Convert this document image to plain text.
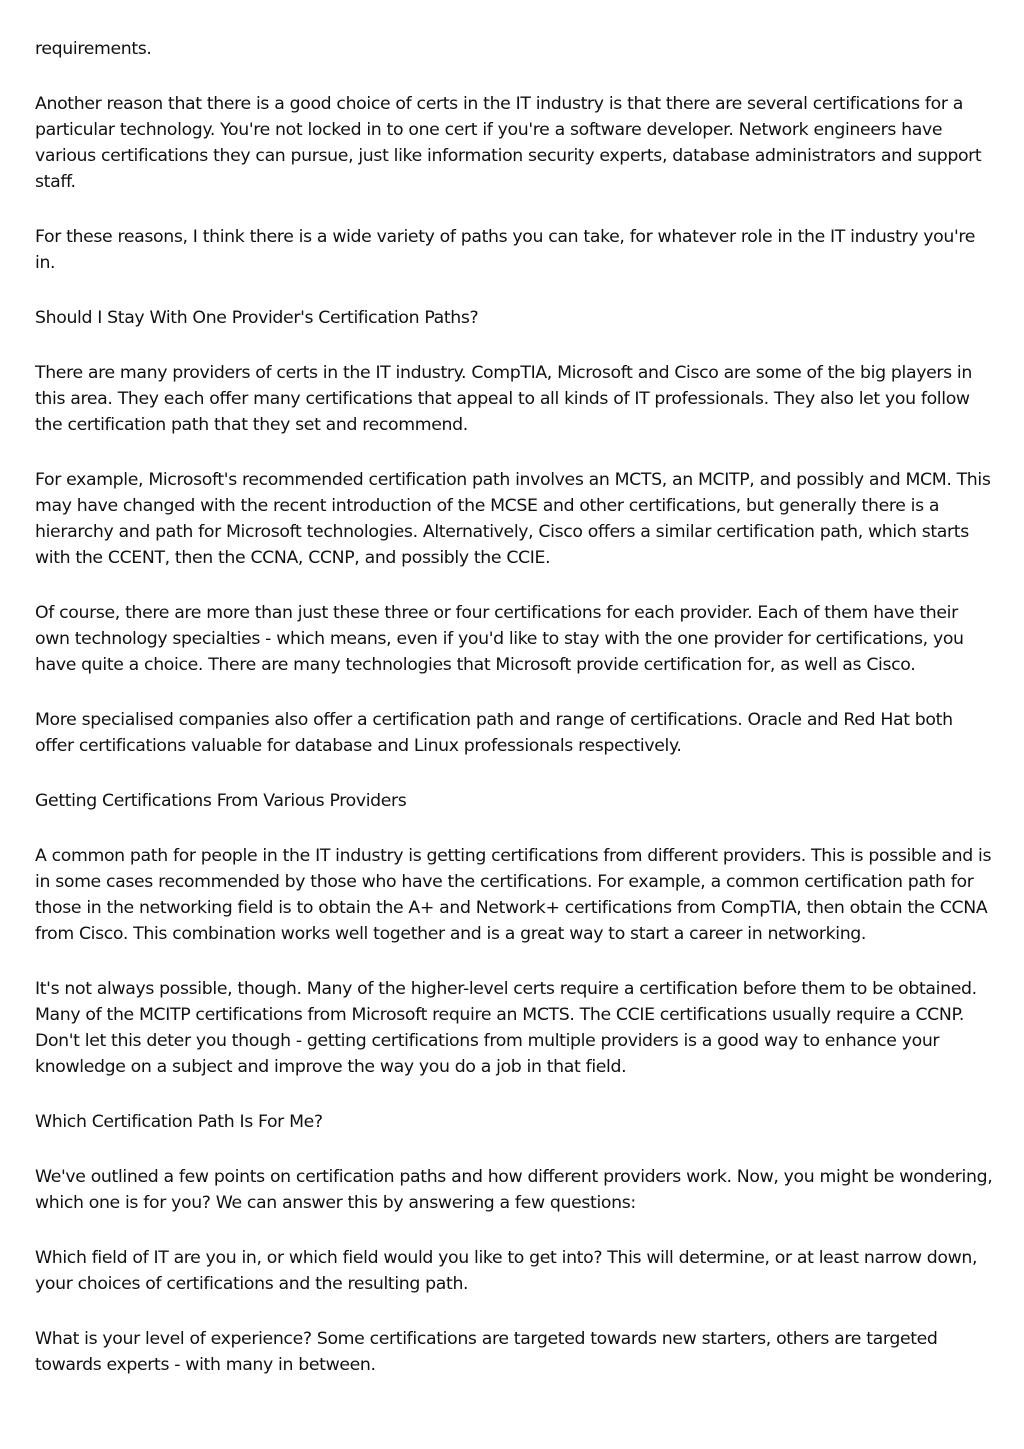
requirements.

Another reason that there is a good choice of certs in the IT industry is that there are several certifications for a particular technology. You're not locked in to one cert if you're a software developer. Network engineers have various certifications they can pursue, just like information security experts, database administrators and support staff.

For these reasons, I think there is a wide variety of paths you can take, for whatever role in the IT industry you're in.

Should I Stay With One Provider's Certification Paths?

There are many providers of certs in the IT industry. CompTIA, Microsoft and Cisco are some of the big players in this area. They each offer many certifications that appeal to all kinds of IT professionals. They also let you follow the certification path that they set and recommend.

For example, Microsoft's recommended certification path involves an MCTS, an MCITP, and possibly and MCM. This may have changed with the recent introduction of the MCSE and other certifications, but generally there is a hierarchy and path for Microsoft technologies. Alternatively, Cisco offers a similar certification path, which starts with the CCENT, then the CCNA, CCNP, and possibly the CCIE.

Of course, there are more than just these three or four certifications for each provider. Each of them have their own technology specialties - which means, even if you'd like to stay with the one provider for certifications, you have quite a choice. There are many technologies that Microsoft provide certification for, as well as Cisco.

More specialised companies also offer a certification path and range of certifications. Oracle and Red Hat both offer certifications valuable for database and Linux professionals respectively.

Getting Certifications From Various Providers

A common path for people in the IT industry is getting certifications from different providers. This is possible and is in some cases recommended by those who have the certifications. For example, a common certification path for those in the networking field is to obtain the A+ and Network+ certifications from CompTIA, then obtain the CCNA from Cisco. This combination works well together and is a great way to start a career in networking.

It's not always possible, though. Many of the higher-level certs require a certification before them to be obtained. Many of the MCITP certifications from Microsoft require an MCTS. The CCIE certifications usually require a CCNP. Don't let this deter you though - getting certifications from multiple providers is a good way to enhance your knowledge on a subject and improve the way you do a job in that field.

Which Certification Path Is For Me?

We've outlined a few points on certification paths and how different providers work. Now, you might be wondering, which one is for you? We can answer this by answering a few questions:

Which field of IT are you in, or which field would you like to get into? This will determine, or at least narrow down, your choices of certifications and the resulting path.

What is your level of experience? Some certifications are targeted towards new starters, others are targeted towards experts - with many in between.
